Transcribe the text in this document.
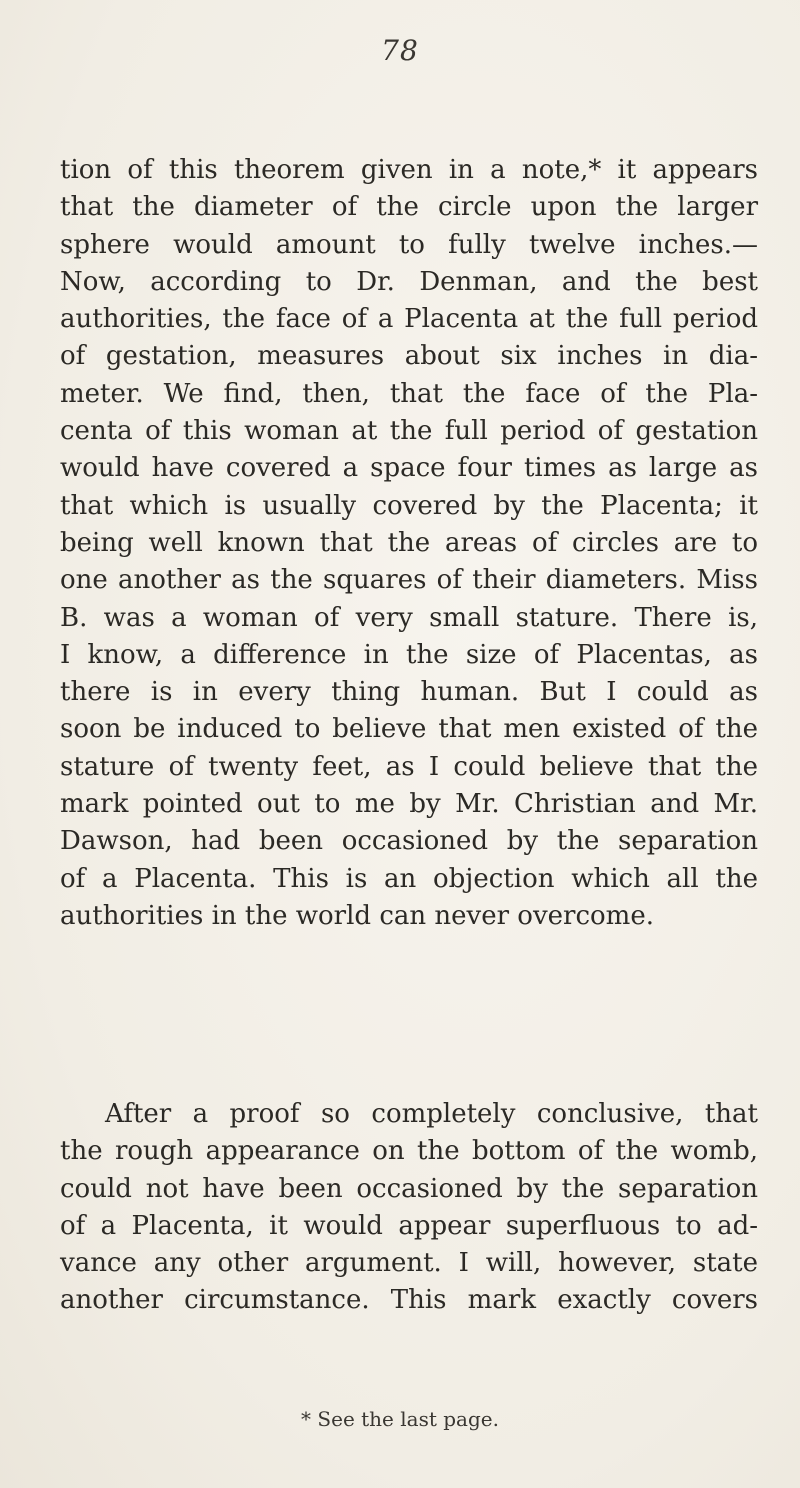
78
tion of this theorem given in a note,* it appears
that the diameter of the circle upon the larger
sphere would amount to fully twelve inches.—
Now, according to Dr. Denman, and the best
authorities, the face of a Placenta at the full period
of gestation, measures about six inches in dia-
meter. We find, then, that the face of the Pla-
centa of this woman at the full period of gestation
would have covered a space four times as large as
that which is usually covered by the Placenta; it
being well known that the areas of circles are to
one another as the squares of their diameters. Miss
B. was a woman of very small stature. There is,
I know, a difference in the size of Placentas, as
there is in every thing human. But I could as
soon be induced to believe that men existed of the
stature of twenty feet, as I could believe that the
mark pointed out to me by Mr. Christian and Mr.
Dawson, had been occasioned by the separation
of a Placenta. This is an objection which all the
authorities in the world can never overcome.
After a proof so completely conclusive, that
the rough appearance on the bottom of the womb,
could not have been occasioned by the separation
of a Placenta, it would appear superfluous to ad-
vance any other argument. I will, however, state
another circumstance. This mark exactly covers
* See the last page.
